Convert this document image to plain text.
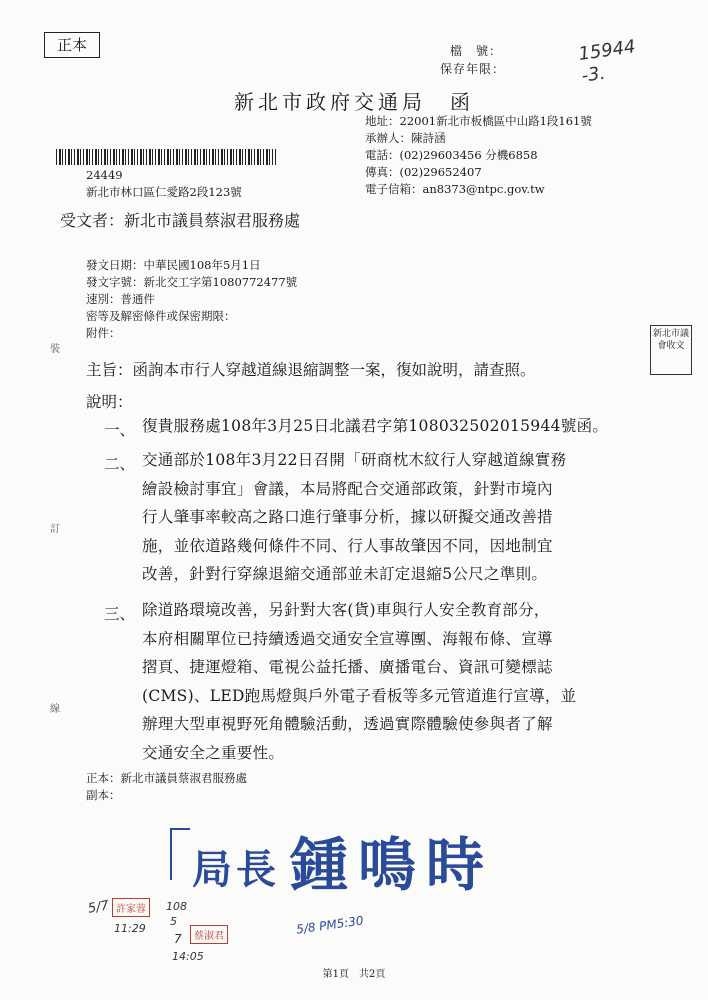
正本	檔　號：
保存年限：
15944
-3.
新北市政府交通局　函
地址：22001新北市板橋區中山路1段161號
承辦人：陳詩涵
電話：(02)29603456 分機6858
傳真：(02)29652407
電子信箱：an8373@ntpc.gov.tw
24449
新北市林口區仁愛路2段123號
受文者：新北市議員蔡淑君服務處
發文日期：中華民國108年5月1日
發文字號：新北交工字第1080772477號
速別：普通件
密等及解密條件或保密期限：
附件：	新北市議會收文
裝
訂
線
主旨：函詢本市行人穿越道線退縮調整一案，復如說明，請查照。
說明：
一、 復貴服務處108年3月25日北議君字第108032502015944號函。
二、 交通部於108年3月22日召開「研商枕木紋行人穿越道線實務
繪設檢討事宜」會議，本局將配合交通部政策，針對市境內
行人肇事率較高之路口進行肇事分析，據以研擬交通改善措
施，並依道路幾何條件不同、行人事故肇因不同，因地制宜
改善，針對行穿線退縮交通部並未訂定退縮5公尺之準則。
三、 除道路環境改善，另針對大客(貨)車與行人安全教育部分，
本府相關單位已持續透過交通安全宣導團、海報布條、宣導
摺頁、捷運燈箱、電視公益托播、廣播電台、資訊可變標誌
(CMS)、LED跑馬燈與戶外電子看板等多元管道進行宣導，並
辦理大型車視野死角體驗活動，透過實際體驗使參與者了解
交通安全之重要性。
正本：新北市議員蔡淑君服務處
副本：
局長 鍾鳴時
5/7 許家蓉
11:29
108
5
7	蔡淑君
14:05
5/8 PM5:30
第1頁　共2頁
